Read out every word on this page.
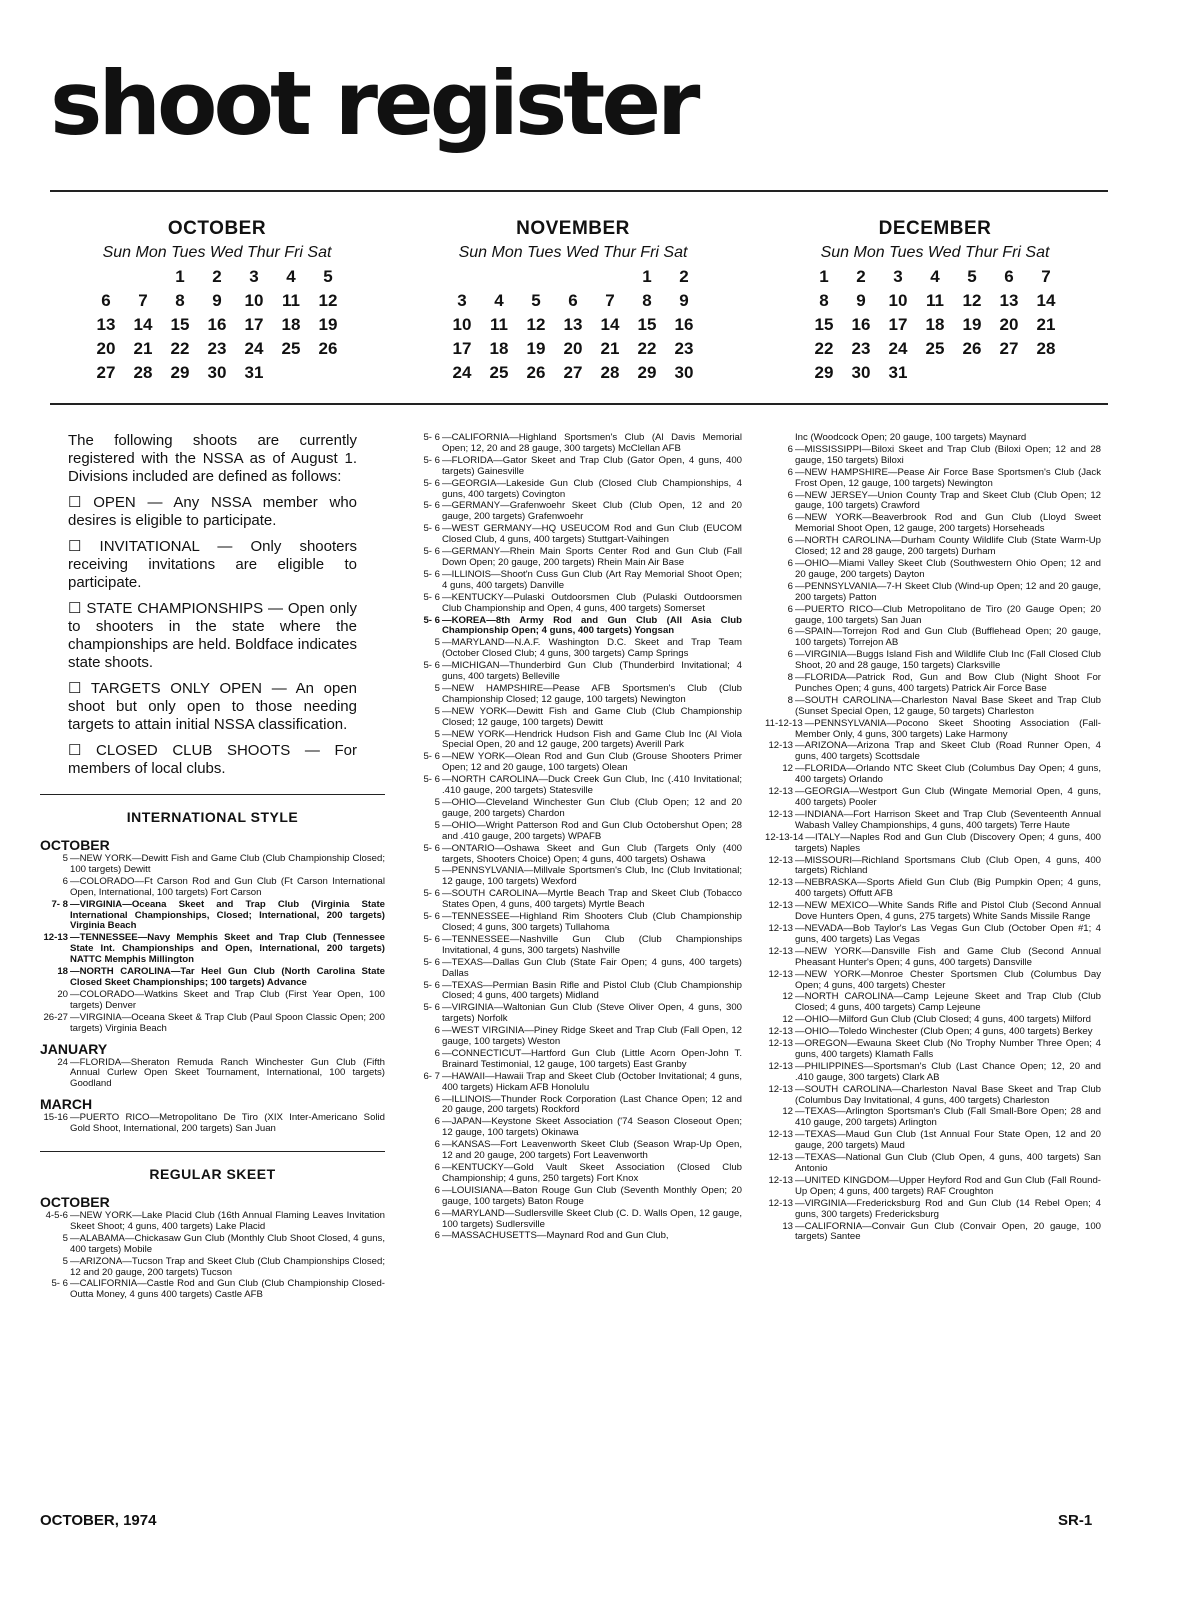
shoot register
OCTOBER
Sun Mon Tues Wed Thur Fri Sat
		1	2	3	4	5
6	7	8	9	10	11	12
13	14	15	16	17	18	19
20	21	22	23	24	25	26
27	28	29	30	31		
NOVEMBER
Sun Mon Tues Wed Thur Fri Sat
					1	2
3	4	5	6	7	8	9
10	11	12	13	14	15	16
17	18	19	20	21	22	23
24	25	26	27	28	29	30
DECEMBER
Sun Mon Tues Wed Thur Fri Sat
1	2	3	4	5	6	7
8	9	10	11	12	13	14
15	16	17	18	19	20	21
22	23	24	25	26	27	28
29	30	31				

The following shoots are currently registered with the NSSA as of August 1. Divisions included are defined as follows:

☐ OPEN — Any NSSA member who desires is eligible to participate.

☐ INVITATIONAL — Only shooters receiving invitations are eligible to participate.

☐ STATE CHAMPIONSHIPS — Open only to shooters in the state where the championships are held. Boldface indicates state shoots.

☐ TARGETS ONLY OPEN — An open shoot but only open to those needing targets to attain initial NSSA classification.

☐ CLOSED CLUB SHOOTS — For members of local clubs.

INTERNATIONAL STYLE
OCTOBER
5 —NEW YORK—Dewitt Fish and Game Club (Club Championship Closed; 100 targets) Dewitt
6 —COLORADO—Ft Carson Rod and Gun Club (Ft Carson International Open, International, 100 targets) Fort Carson
7- 8 —VIRGINIA—Oceana Skeet and Trap Club (Virginia State International Championships, Closed; International, 200 targets) Virginia Beach
12-13 —TENNESSEE—Navy Memphis Skeet and Trap Club (Tennessee State Int. Championships and Open, International, 200 targets) NATTC Memphis Millington
18 —NORTH CAROLINA—Tar Heel Gun Club (North Carolina State Closed Skeet Championships; 100 targets) Advance
20 —COLORADO—Watkins Skeet and Trap Club (First Year Open, 100 targets) Denver
26-27 —VIRGINIA—Oceana Skeet & Trap Club (Paul Spoon Classic Open; 200 targets) Virginia Beach
JANUARY
24 —FLORIDA—Sheraton Remuda Ranch Winchester Gun Club (Fifth Annual Curlew Open Skeet Tournament, International, 100 targets) Goodland
MARCH
15-16 —PUERTO RICO—Metropolitano De Tiro (XIX Inter-Americano Solid Gold Shoot, International, 200 targets) San Juan
REGULAR SKEET
OCTOBER
4-5-6 —NEW YORK—Lake Placid Club (16th Annual Flaming Leaves Invitation Skeet Shoot; 4 guns, 400 targets) Lake Placid
5 —ALABAMA—Chickasaw Gun Club (Monthly Club Shoot Closed, 4 guns, 400 targets) Mobile
5 —ARIZONA—Tucson Trap and Skeet Club (Club Championships Closed; 12 and 20 gauge, 200 targets) Tucson
5- 6 —CALIFORNIA—Castle Rod and Gun Club (Club Championship Closed-Outta Money, 4 guns 400 targets) Castle AFB
5- 6 —CALIFORNIA—Highland Sportsmen's Club (Al Davis Memorial Open; 12, 20 and 28 gauge, 300 targets) McClellan AFB
5- 6 —FLORIDA—Gator Skeet and Trap Club (Gator Open, 4 guns, 400 targets) Gainesville
5- 6 —GEORGIA—Lakeside Gun Club (Closed Club Championships, 4 guns, 400 targets) Covington
5- 6 —GERMANY—Grafenwoehr Skeet Club (Club Open, 12 and 20 gauge, 200 targets) Grafenwoehr
5- 6 —WEST GERMANY—HQ USEUCOM Rod and Gun Club (EUCOM Closed Club, 4 guns, 400 targets) Stuttgart-Vaihingen
5- 6 —GERMANY—Rhein Main Sports Center Rod and Gun Club (Fall Down Open; 20 gauge, 200 targets) Rhein Main Air Base
5- 6 —ILLINOIS—Shoot'n Cuss Gun Club (Art Ray Memorial Shoot Open; 4 guns, 400 targets) Danville
5- 6 —KENTUCKY—Pulaski Outdoorsmen Club (Pulaski Outdoorsmen Club Championship and Open, 4 guns, 400 targets) Somerset
5- 6 —KOREA—8th Army Rod and Gun Club (All Asia Club Championship Open; 4 guns, 400 targets) Yongsan
5 —MARYLAND—N.A.F. Washington D.C. Skeet and Trap Team (October Closed Club; 4 guns, 300 targets) Camp Springs
5- 6 —MICHIGAN—Thunderbird Gun Club (Thunderbird Invitational; 4 guns, 400 targets) Belleville
5 —NEW HAMPSHIRE—Pease AFB Sportsmen's Club (Club Championship Closed; 12 gauge, 100 targets) Newington
5 —NEW YORK—Dewitt Fish and Game Club (Club Championship Closed; 12 gauge, 100 targets) Dewitt
5 —NEW YORK—Hendrick Hudson Fish and Game Club Inc (Al Viola Special Open, 20 and 12 gauge, 200 targets) Averill Park
5- 6 —NEW YORK—Olean Rod and Gun Club (Grouse Shooters Primer Open; 12 and 20 gauge, 100 targets) Olean
5- 6 —NORTH CAROLINA—Duck Creek Gun Club, Inc (.410 Invitational; .410 gauge, 200 targets) Statesville
5 —OHIO—Cleveland Winchester Gun Club (Club Open; 12 and 20 gauge, 200 targets) Chardon
5 —OHIO—Wright Patterson Rod and Gun Club Octobershut Open; 28 and .410 gauge, 200 targets) WPAFB
5- 6 —ONTARIO—Oshawa Skeet and Gun Club (Targets Only (400 targets, Shooters Choice) Open; 4 guns, 400 targets) Oshawa
5 —PENNSYLVANIA—Millvale Sportsmen's Club, Inc (Club Invitational; 12 gauge, 100 targets) Wexford
5- 6 —SOUTH CAROLINA—Myrtle Beach Trap and Skeet Club (Tobacco States Open, 4 guns, 400 targets) Myrtle Beach
5- 6 —TENNESSEE—Highland Rim Shooters Club (Club Championship Closed; 4 guns, 300 targets) Tullahoma
5- 6 —TENNESSEE—Nashville Gun Club (Club Championships Invitational, 4 guns, 300 targets) Nashville
5- 6 —TEXAS—Dallas Gun Club (State Fair Open; 4 guns, 400 targets) Dallas
5- 6 —TEXAS—Permian Basin Rifle and Pistol Club (Club Championship Closed; 4 guns, 400 targets) Midland
5- 6 —VIRGINIA—Waltonian Gun Club (Steve Oliver Open, 4 guns, 300 targets) Norfolk
6 —WEST VIRGINIA—Piney Ridge Skeet and Trap Club (Fall Open, 12 gauge, 100 targets) Weston
6 —CONNECTICUT—Hartford Gun Club (Little Acorn Open-John T. Brainard Testimonial, 12 gauge, 100 targets) East Granby
6- 7 —HAWAII—Hawaii Trap and Skeet Club (October Invitational; 4 guns, 400 targets) Hickam AFB Honolulu
6 —ILLINOIS—Thunder Rock Corporation (Last Chance Open; 12 and 20 gauge, 200 targets) Rockford
6 —JAPAN—Keystone Skeet Association ('74 Season Closeout Open; 12 gauge, 100 targets) Okinawa
6 —KANSAS—Fort Leavenworth Skeet Club (Season Wrap-Up Open, 12 and 20 gauge, 200 targets) Fort Leavenworth
6 —KENTUCKY—Gold Vault Skeet Association (Closed Club Championship; 4 guns, 250 targets) Fort Knox
6 —LOUISIANA—Baton Rouge Gun Club (Seventh Monthly Open; 20 gauge, 100 targets) Baton Rouge
6 —MARYLAND—Sudlersville Skeet Club (C. D. Walls Open, 12 gauge, 100 targets) Sudlersville
6 —MASSACHUSETTS—Maynard Rod and Gun Club,
Inc (Woodcock Open; 20 gauge, 100 targets) Maynard
6 —MISSISSIPPI—Biloxi Skeet and Trap Club (Biloxi Open; 12 and 28 gauge, 150 targets) Biloxi
6 —NEW HAMPSHIRE—Pease Air Force Base Sportsmen's Club (Jack Frost Open, 12 gauge, 100 targets) Newington
6 —NEW JERSEY—Union County Trap and Skeet Club (Club Open; 12 gauge, 100 targets) Crawford
6 —NEW YORK—Beaverbrook Rod and Gun Club (Lloyd Sweet Memorial Shoot Open, 12 gauge, 200 targets) Horseheads
6 —NORTH CAROLINA—Durham County Wildlife Club (State Warm-Up Closed; 12 and 28 gauge, 200 targets) Durham
6 —OHIO—Miami Valley Skeet Club (Southwestern Ohio Open; 12 and 20 gauge, 200 targets) Dayton
6 —PENNSYLVANIA—7-H Skeet Club (Wind-up Open; 12 and 20 gauge, 200 targets) Patton
6 —PUERTO RICO—Club Metropolitano de Tiro (20 Gauge Open; 20 gauge, 100 targets) San Juan
6 —SPAIN—Torrejon Rod and Gun Club (Bufflehead Open; 20 gauge, 100 targets) Torrejon AB
6 —VIRGINIA—Buggs Island Fish and Wildlife Club Inc (Fall Closed Club Shoot, 20 and 28 gauge, 150 targets) Clarksville
8 —FLORIDA—Patrick Rod, Gun and Bow Club (Night Shoot For Punches Open; 4 guns, 400 targets) Patrick Air Force Base
8 —SOUTH CAROLINA—Charleston Naval Base Skeet and Trap Club (Sunset Special Open, 12 gauge, 50 targets) Charleston
11-12-13 —PENNSYLVANIA—Pocono Skeet Shooting Association (Fall-Member Only, 4 guns, 300 targets) Lake Harmony
12-13 —ARIZONA—Arizona Trap and Skeet Club (Road Runner Open, 4 guns, 400 targets) Scottsdale
12 —FLORIDA—Orlando NTC Skeet Club (Columbus Day Open; 4 guns, 400 targets) Orlando
12-13 —GEORGIA—Westport Gun Club (Wingate Memorial Open, 4 guns, 400 targets) Pooler
12-13 —INDIANA—Fort Harrison Skeet and Trap Club (Seventeenth Annual Wabash Valley Championships, 4 guns, 400 targets) Terre Haute
12-13-14 —ITALY—Naples Rod and Gun Club (Discovery Open; 4 guns, 400 targets) Naples
12-13 —MISSOURI—Richland Sportsmans Club (Club Open, 4 guns, 400 targets) Richland
12-13 —NEBRASKA—Sports Afield Gun Club (Big Pumpkin Open; 4 guns, 400 targets) Offutt AFB
12-13 —NEW MEXICO—White Sands Rifle and Pistol Club (Second Annual Dove Hunters Open, 4 guns, 275 targets) White Sands Missile Range
12-13 —NEVADA—Bob Taylor's Las Vegas Gun Club (October Open #1; 4 guns, 400 targets) Las Vegas
12-13 —NEW YORK—Dansville Fish and Game Club (Second Annual Pheasant Hunter's Open; 4 guns, 400 targets) Dansville
12-13 —NEW YORK—Monroe Chester Sportsmen Club (Columbus Day Open; 4 guns, 400 targets) Chester
12 —NORTH CAROLINA—Camp Lejeune Skeet and Trap Club (Club Closed; 4 guns, 400 targets) Camp Lejeune
12 —OHIO—Milford Gun Club (Club Closed; 4 guns, 400 targets) Milford
12-13 —OHIO—Toledo Winchester (Club Open; 4 guns, 400 targets) Berkey
12-13 —OREGON—Ewauna Skeet Club (No Trophy Number Three Open; 4 guns, 400 targets) Klamath Falls
12-13 —PHILIPPINES—Sportsman's Club (Last Chance Open; 12, 20 and .410 gauge, 300 targets) Clark AB
12-13 —SOUTH CAROLINA—Charleston Naval Base Skeet and Trap Club (Columbus Day Invitational, 4 guns, 400 targets) Charleston
12 —TEXAS—Arlington Sportsman's Club (Fall Small-Bore Open; 28 and 410 gauge, 200 targets) Arlington
12-13 —TEXAS—Maud Gun Club (1st Annual Four State Open, 12 and 20 gauge, 200 targets) Maud
12-13 —TEXAS—National Gun Club (Club Open, 4 guns, 400 targets) San Antonio
12-13 —UNITED KINGDOM—Upper Heyford Rod and Gun Club (Fall Round-Up Open; 4 guns, 400 targets) RAF Croughton
12-13 —VIRGINIA—Fredericksburg Rod and Gun Club (14 Rebel Open; 4 guns, 300 targets) Fredericksburg
13 —CALIFORNIA—Convair Gun Club (Convair Open, 20 gauge, 100 targets) Santee
OCTOBER, 1974	SR-1
